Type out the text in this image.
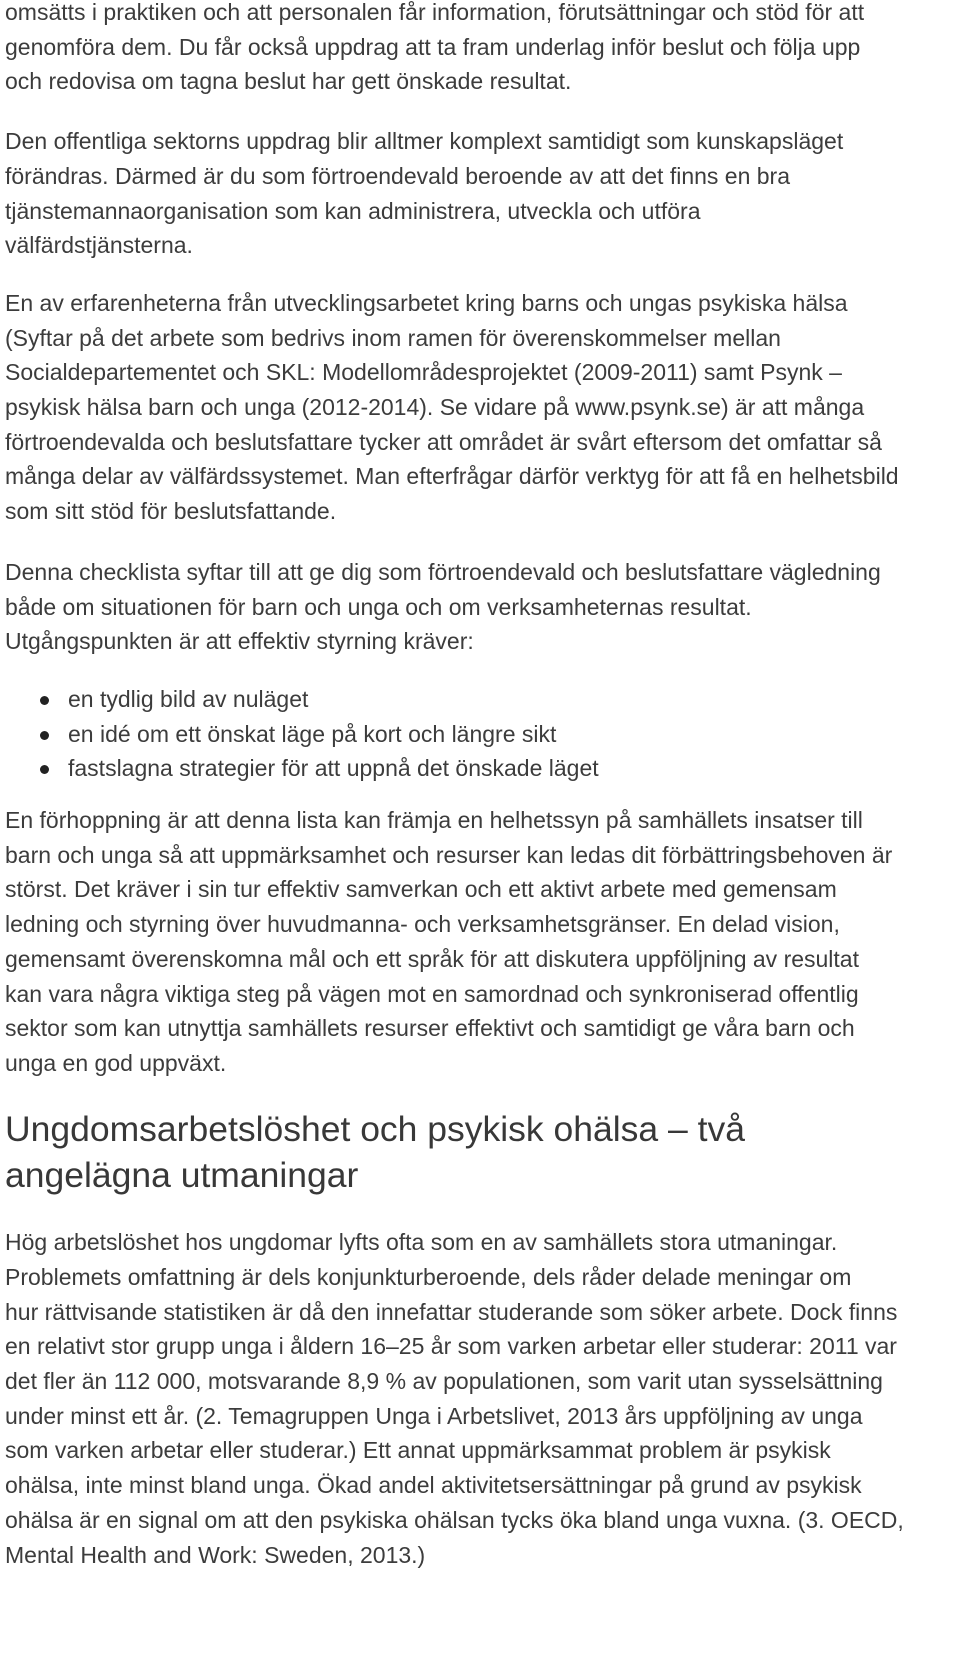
omsätts i praktiken och att personalen får information, förutsättningar och stöd för att
genomföra dem. Du får också uppdrag att ta fram underlag inför beslut och följa upp
och redovisa om tagna beslut har gett önskade resultat.
Den offentliga sektorns uppdrag blir alltmer komplext samtidigt som kunskapsläget
förändras. Därmed är du som förtroendevald beroende av att det finns en bra
tjänstemannaorganisation som kan administrera, utveckla och utföra
välfärdstjänsterna.
En av erfarenheterna från utvecklingsarbetet kring barns och ungas psykiska hälsa
(Syftar på det arbete som bedrivs inom ramen för överenskommelser mellan
Socialdepartementet och SKL: Modellområdesprojektet (2009-2011) samt Psynk –
psykisk hälsa barn och unga (2012-2014). Se vidare på www.psynk.se) är att många
förtroendevalda och beslutsfattare tycker att området är svårt eftersom det omfattar så
många delar av välfärdssystemet. Man efterfrågar därför verktyg för att få en helhetsbild
som sitt stöd för beslutsfattande.
Denna checklista syftar till att ge dig som förtroendevald och beslutsfattare vägledning
både om situationen för barn och unga och om verksamheternas resultat.
Utgångspunkten är att effektiv styrning kräver:
en tydlig bild av nuläget
en idé om ett önskat läge på kort och längre sikt
fastslagna strategier för att uppnå det önskade läget
En förhoppning är att denna lista kan främja en helhetssyn på samhällets insatser till
barn och unga så att uppmärksamhet och resurser kan ledas dit förbättringsbehoven är
störst. Det kräver i sin tur effektiv samverkan och ett aktivt arbete med gemensam
ledning och styrning över huvudmanna- och verksamhetsgränser. En delad vision,
gemensamt överenskomna mål och ett språk för att diskutera uppföljning av resultat
kan vara några viktiga steg på vägen mot en samordnad och synkroniserad offentlig
sektor som kan utnyttja samhällets resurser effektivt och samtidigt ge våra barn och
unga en god uppväxt.
Ungdomsarbetslöshet och psykisk ohälsa – två
angelägna utmaningar
Hög arbetslöshet hos ungdomar lyfts ofta som en av samhällets stora utmaningar.
Problemets omfattning är dels konjunkturberoende, dels råder delade meningar om
hur rättvisande statistiken är då den innefattar studerande som söker arbete. Dock finns
en relativt stor grupp unga i åldern 16–25 år som varken arbetar eller studerar: 2011 var
det fler än 112 000, motsvarande 8,9 % av populationen, som varit utan sysselsättning
under minst ett år. (2. Temagruppen Unga i Arbetslivet, 2013 års uppföljning av unga
som varken arbetar eller studerar.) Ett annat uppmärksammat problem är psykisk
ohälsa, inte minst bland unga. Ökad andel aktivitetsersättningar på grund av psykisk
ohälsa är en signal om att den psykiska ohälsan tycks öka bland unga vuxna. (3. OECD,
Mental Health and Work: Sweden, 2013.)
